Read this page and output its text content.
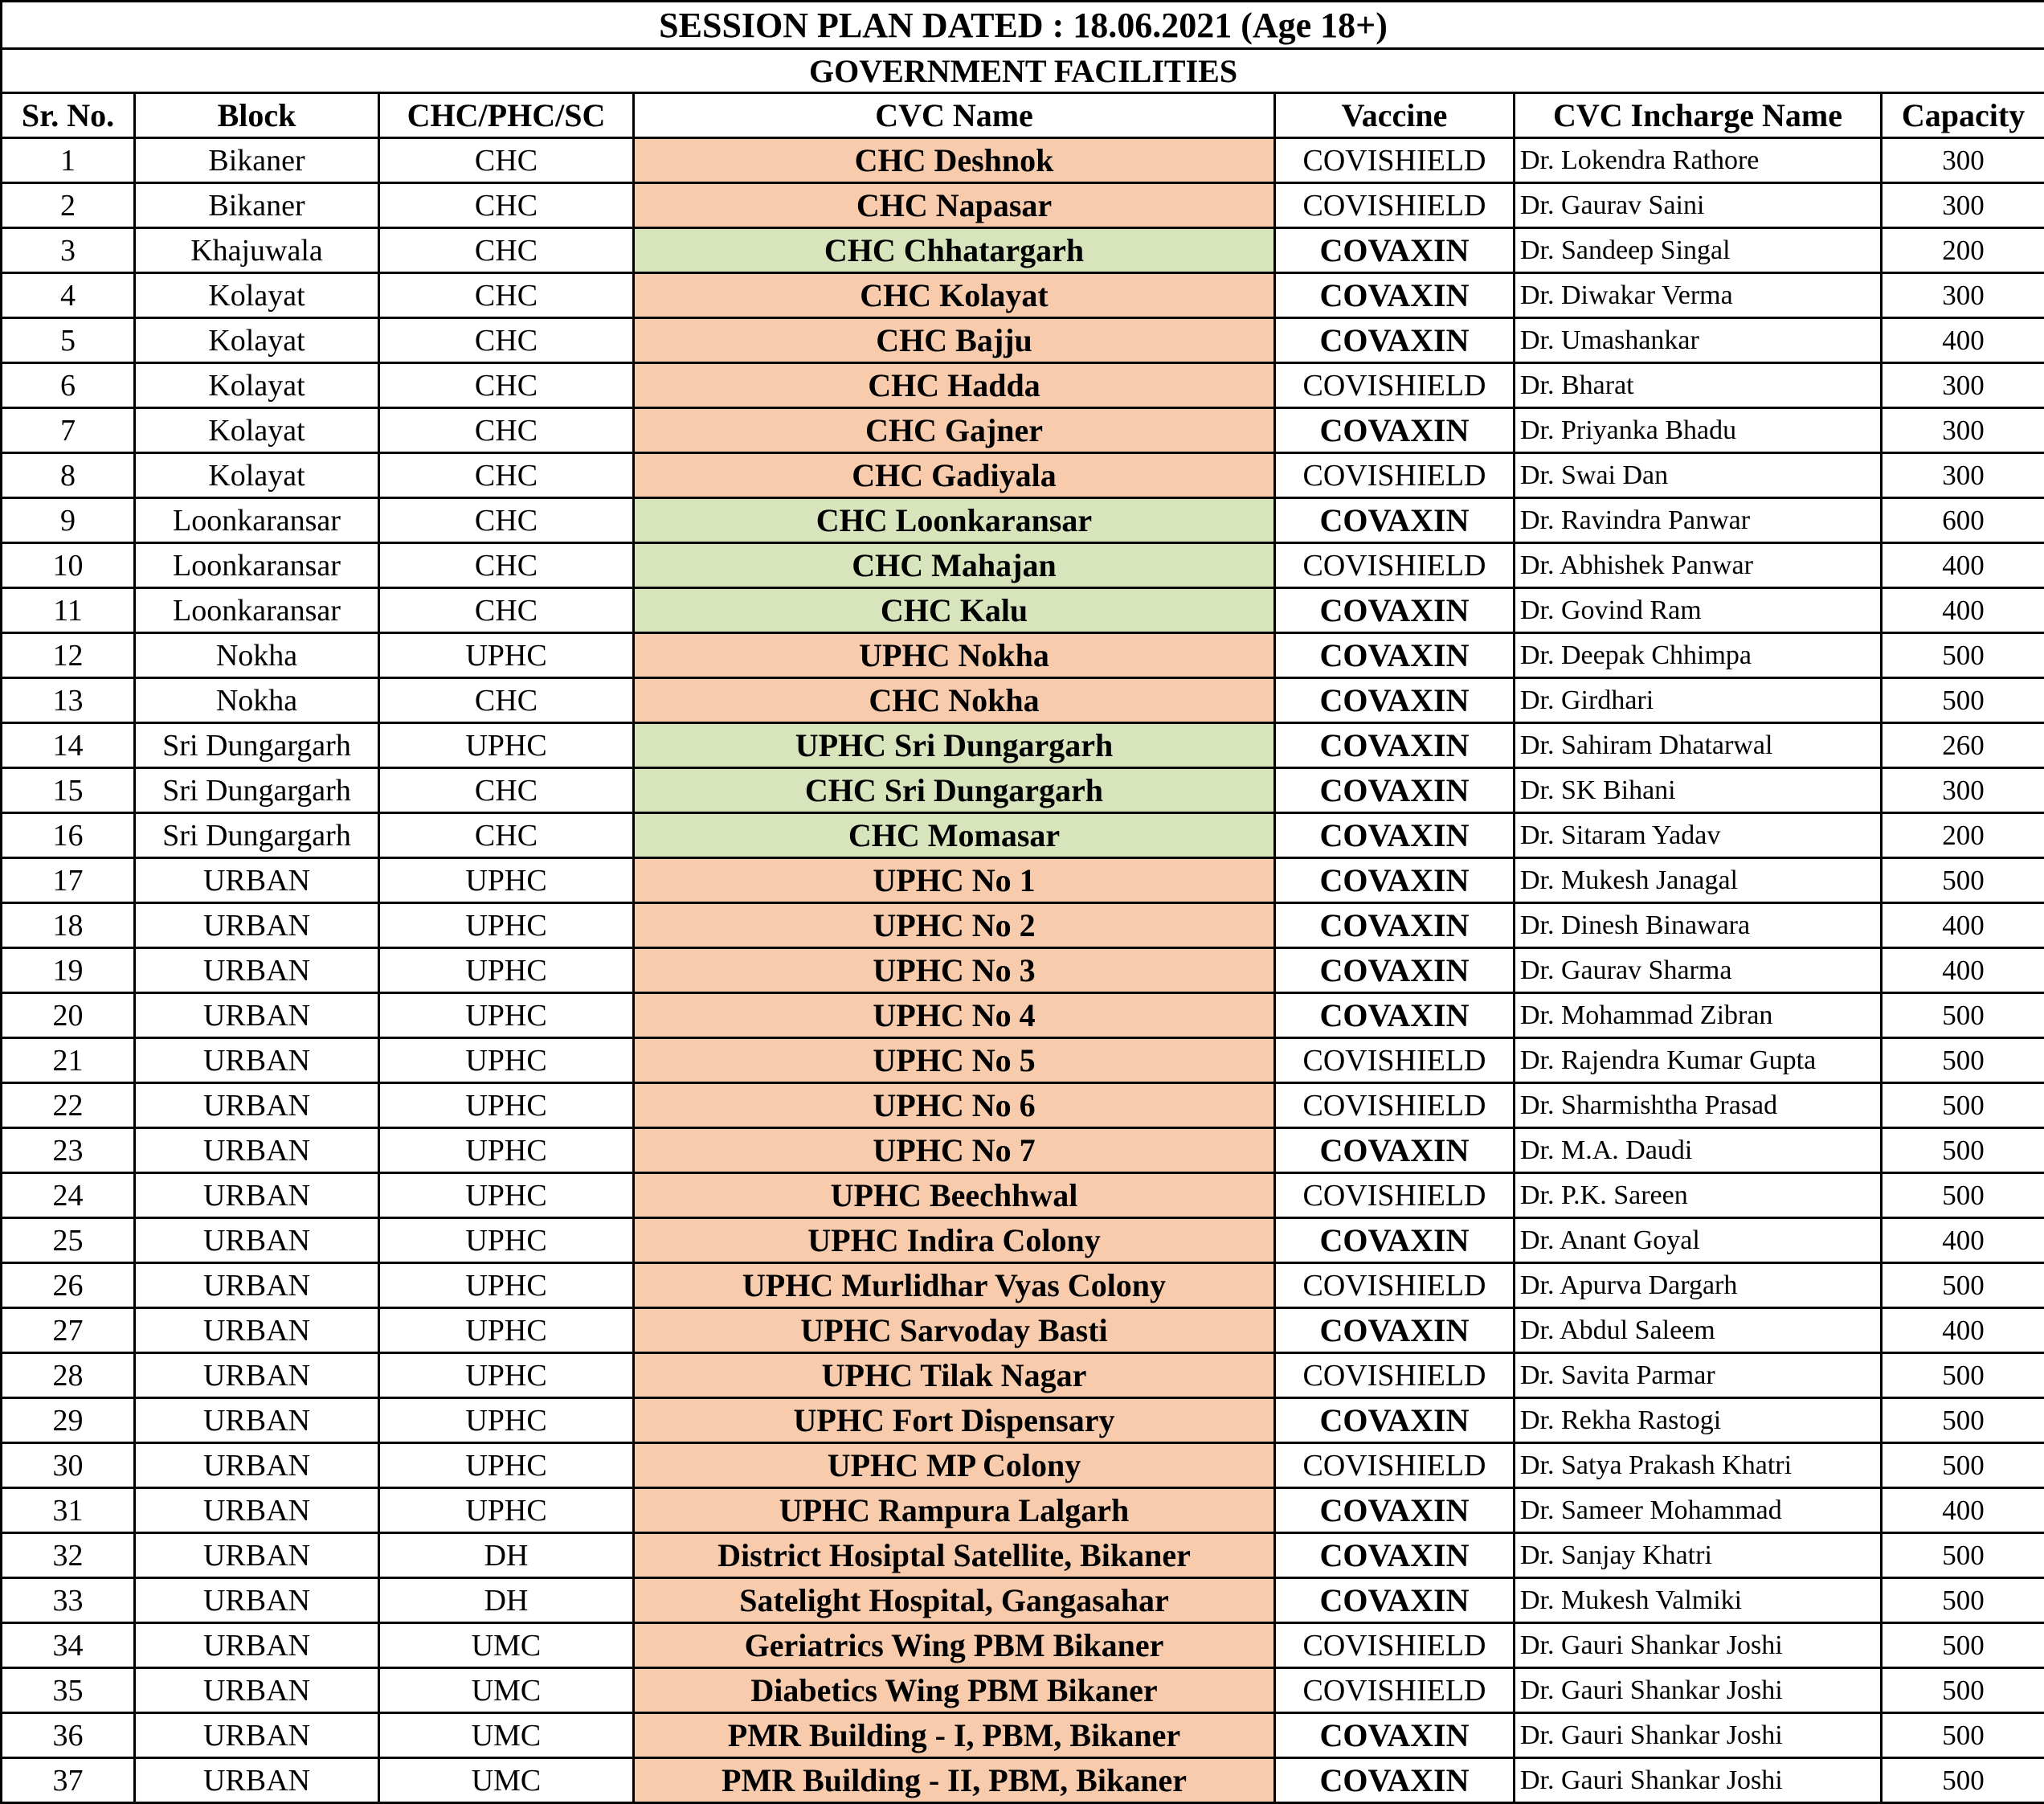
SESSION PLAN DATED : 18.06.2021 (Age 18+)						
GOVERNMENT FACILITIES						
Sr. No.	Block	CHC/PHC/SC	CVC Name	Vaccine	CVC Incharge Name	Capacity
1	Bikaner	CHC	CHC Deshnok	COVISHIELD	Dr. Lokendra Rathore	300
2	Bikaner	CHC	CHC Napasar	COVISHIELD	Dr. Gaurav Saini	300
3	Khajuwala	CHC	CHC Chhatargarh	COVAXIN	Dr. Sandeep Singal	200
4	Kolayat	CHC	CHC Kolayat	COVAXIN	Dr. Diwakar Verma	300
5	Kolayat	CHC	CHC Bajju	COVAXIN	Dr. Umashankar	400
6	Kolayat	CHC	CHC Hadda	COVISHIELD	Dr. Bharat	300
7	Kolayat	CHC	CHC Gajner	COVAXIN	Dr. Priyanka Bhadu	300
8	Kolayat	CHC	CHC Gadiyala	COVISHIELD	Dr. Swai Dan	300
9	Loonkaransar	CHC	CHC Loonkaransar	COVAXIN	Dr. Ravindra Panwar	600
10	Loonkaransar	CHC	CHC Mahajan	COVISHIELD	Dr. Abhishek Panwar	400
11	Loonkaransar	CHC	CHC Kalu	COVAXIN	Dr. Govind Ram	400
12	Nokha	UPHC	UPHC Nokha	COVAXIN	Dr. Deepak Chhimpa	500
13	Nokha	CHC	CHC Nokha	COVAXIN	Dr. Girdhari	500
14	Sri Dungargarh	UPHC	UPHC Sri Dungargarh	COVAXIN	Dr. Sahiram Dhatarwal	260
15	Sri Dungargarh	CHC	CHC Sri Dungargarh	COVAXIN	Dr. SK Bihani	300
16	Sri Dungargarh	CHC	CHC Momasar	COVAXIN	Dr. Sitaram Yadav	200
17	URBAN	UPHC	UPHC No 1	COVAXIN	Dr. Mukesh Janagal	500
18	URBAN	UPHC	UPHC No 2	COVAXIN	Dr. Dinesh Binawara	400
19	URBAN	UPHC	UPHC No 3	COVAXIN	Dr. Gaurav Sharma	400
20	URBAN	UPHC	UPHC No 4	COVAXIN	Dr. Mohammad Zibran	500
21	URBAN	UPHC	UPHC No 5	COVISHIELD	Dr. Rajendra Kumar Gupta	500
22	URBAN	UPHC	UPHC No 6	COVISHIELD	Dr. Sharmishtha Prasad	500
23	URBAN	UPHC	UPHC No 7	COVAXIN	Dr. M.A. Daudi	500
24	URBAN	UPHC	UPHC Beechhwal	COVISHIELD	Dr. P.K. Sareen	500
25	URBAN	UPHC	UPHC Indira Colony	COVAXIN	Dr. Anant Goyal	400
26	URBAN	UPHC	UPHC Murlidhar Vyas Colony	COVISHIELD	Dr. Apurva Dargarh	500
27	URBAN	UPHC	UPHC Sarvoday Basti	COVAXIN	Dr. Abdul Saleem	400
28	URBAN	UPHC	UPHC Tilak Nagar	COVISHIELD	Dr. Savita Parmar	500
29	URBAN	UPHC	UPHC Fort Dispensary	COVAXIN	Dr. Rekha Rastogi	500
30	URBAN	UPHC	UPHC MP Colony	COVISHIELD	Dr. Satya Prakash Khatri	500
31	URBAN	UPHC	UPHC Rampura Lalgarh	COVAXIN	Dr. Sameer Mohammad	400
32	URBAN	DH	District Hosiptal Satellite, Bikaner	COVAXIN	Dr. Sanjay Khatri	500
33	URBAN	DH	Satelight Hospital, Gangasahar	COVAXIN	Dr. Mukesh Valmiki	500
34	URBAN	UMC	Geriatrics Wing PBM Bikaner	COVISHIELD	Dr. Gauri Shankar Joshi	500
35	URBAN	UMC	Diabetics Wing PBM Bikaner	COVISHIELD	Dr. Gauri Shankar Joshi	500
36	URBAN	UMC	PMR Building - I, PBM, Bikaner	COVAXIN	Dr. Gauri Shankar Joshi	500
37	URBAN	UMC	PMR Building - II, PBM, Bikaner	COVAXIN	Dr. Gauri Shankar Joshi	500
